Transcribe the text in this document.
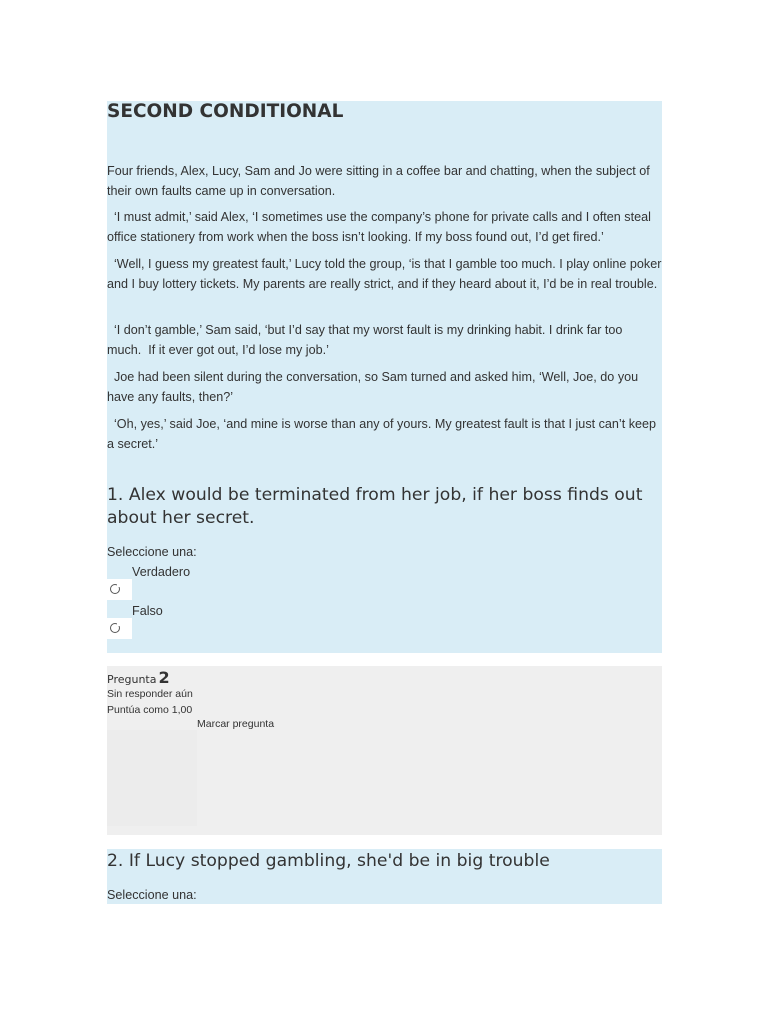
SECOND CONDITIONAL

Four friends, Alex, Lucy, Sam and Jo were sitting in a coffee bar and chatting, when the subject of their own faults came up in conversation.

‘I must admit,’ said Alex, ‘I sometimes use the company’s phone for private calls and I often steal office stationery from work when the boss isn’t looking. If my boss found out, I’d get fired.’

‘Well, I guess my greatest fault,’ Lucy told the group, ‘is that I gamble too much. I play online poker and I buy lottery tickets. My parents are really strict, and if they heard about it, I’d be in real trouble.

‘I don’t gamble,’ Sam said, ‘but I’d say that my worst fault is my drinking habit. I drink far too much.  If it ever got out, I’d lose my job.’

Joe had been silent during the conversation, so Sam turned and asked him, ‘Well, Joe, do you have any faults, then?’

‘Oh, yes,’ said Joe, ‘and mine is worse than any of yours. My greatest fault is that I just can’t keep a secret.’

1. Alex would be terminated from her job, if her boss finds out about her secret.
Seleccione una:
Verdadero
Falso
Pregunta 2
Sin responder aún
Puntúa como 1,00
Marcar pregunta
2. If Lucy stopped gambling, she'd be in big trouble
Seleccione una:
